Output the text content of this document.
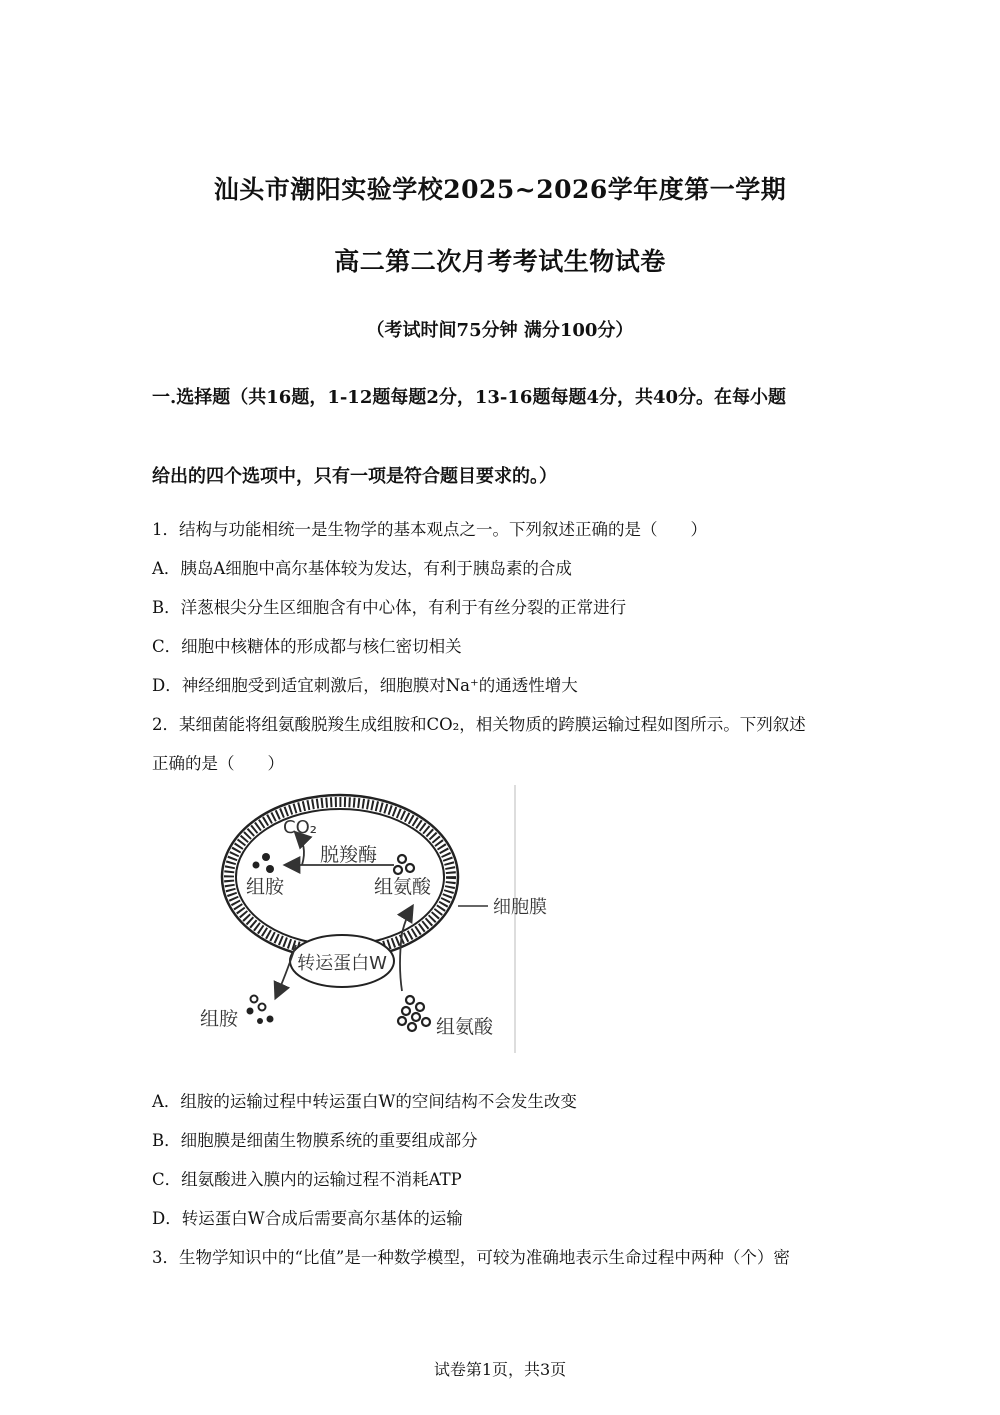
汕头市潮阳实验学校2025~2026学年度第一学期
高二第二次月考考试生物试卷
（考试时间75分钟 满分100分）
一.选择题（共16题，1-12题每题2分，13-16题每题4分，共40分。在每小题
给出的四个选项中，只有一项是符合题目要求的。）
1．结构与功能相统一是生物学的基本观点之一。下列叙述正确的是（　　）
A．胰岛A细胞中高尔基体较为发达，有利于胰岛素的合成
B．洋葱根尖分生区细胞含有中心体，有利于有丝分裂的正常进行
C．细胞中核糖体的形成都与核仁密切相关
D．神经细胞受到适宜刺激后，细胞膜对Na⁺的通透性增大
2．某细菌能将组氨酸脱羧生成组胺和CO₂，相关物质的跨膜运输过程如图所示。下列叙述
正确的是（　　）
转运蛋白W
CO₂
脱羧酶
组胺	组氨酸
细胞膜
组胺	组氨酸
A．组胺的运输过程中转运蛋白W的空间结构不会发生改变
B．细胞膜是细菌生物膜系统的重要组成部分
C．组氨酸进入膜内的运输过程不消耗ATP
D．转运蛋白W合成后需要高尔基体的运输
3．生物学知识中的“比值”是一种数学模型，可较为准确地表示生命过程中两种（个）密
试卷第1页，共3页
